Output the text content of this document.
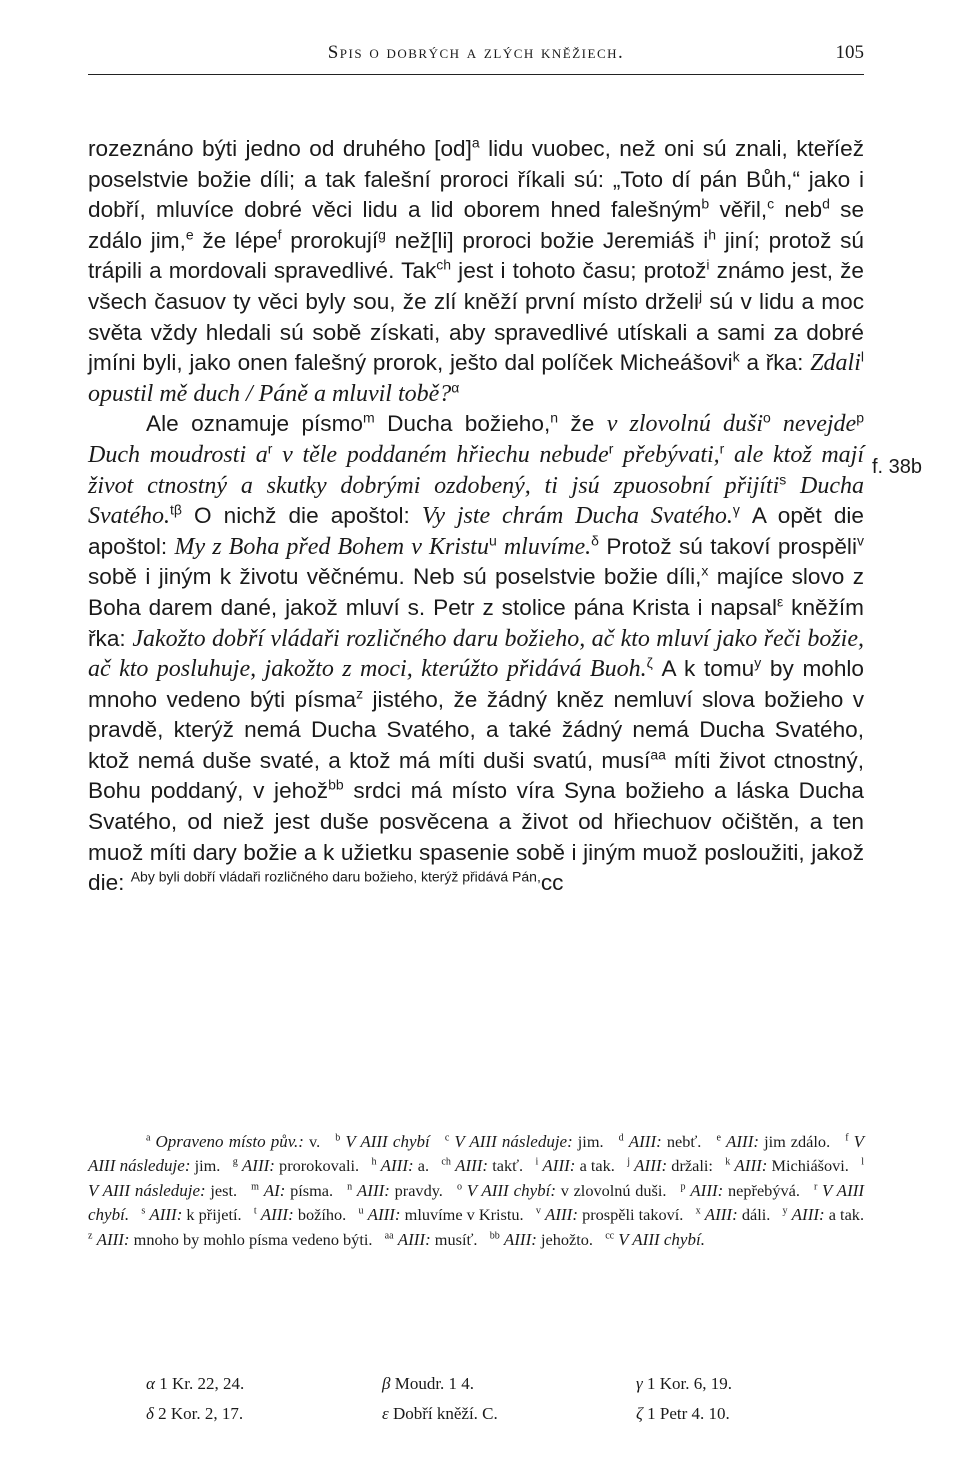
Spis o dobrých a zlých kněžiech.	105

rozeznáno býti jedno od druhého [od]$^a$ lidu vuobec, než oni sú znali, kteříež poselstvie božie díli; a tak falešní proroci říkali sú: „Toto dí pán Bůh,“ jako i dobří, mluvíce dobré věci lidu a lid oborem hned falešným$^b$ věřil,$^c$ neb$^d$ se zdálo jim,$^e$ že lépe$^f$ prorokují$^g$ než[li] proroci božie Jeremiáš $i^h$ jiní; protož sú trápili a mordovali spravedlivé. Tak$^{ch}$ jest i tohoto času; protož$^i$ známo jest, že všech časuov ty věci byly sou, že zlí kněží první místo drželi$^j$ sú v lidu a moc světa vždy hledali sú sobě získati, aby spravedlivé utískali a sami za dobré jmíni byli, jako onen falešný prorok, ješto dal políček Micheášovi$^k$ a řka: Zdali$^l$ opustil mě duch / Páně a mluvil tobě?$^\alpha$

Ale oznamuje písmo$^m$ Ducha božieho,$^n$ že v zlovolnú duši$^o$ nevejde$^p$ Duch moudrosti $a^r$ v těle poddaném hřiechu nebude$^r$ přebývati,$^r$ ale ktož mají život ctnostný a skutky dobrými ozdobený, ti jsú zpuosobní přijíti$^s$ Ducha Svatého.$^{t\beta}$ O nichž die apoštol: Vy jste chrám Ducha Svatého.$^\gamma$ A opět die apoštol: My z Boha před Bohem v Kristu$^u$ mluvíme.$^\delta$ Protož sú takoví prospěli$^v$ sobě i jiným k životu věčnému. Neb sú poselstvie božie díli,$^x$ majíce slovo z Boha darem dané, jakož mluví s. Petr z stolice pána Krista i napsal$^\varepsilon$ kněžím řka: Jakožto dobří vládaři rozličného daru božieho, ač kto mluví jako řeči božie, ač kto posluhuje, jakožto z moci, kterúžto přidává Buoh.$^\zeta$ A k tomu$^y$ by mohlo mnoho vedeno býti písma$^z$ jistého, že žádný kněz nemluví slova božieho v pravdě, kterýž nemá Ducha Svatého, a také žádný nemá Ducha Svatého, ktož nemá duše svaté, a ktož má míti duši svatú, musí$^{aa}$ míti život ctnostný, Bohu poddaný, v jehož$^{bb}$ srdci má místo víra Syna božieho a láska Ducha Svatého, od niež jest duše posvěcena a život od hřiechuov očištěn, a ten muož míti dary božie a k užietku spasenie sobě i jiným muož posloužiti, jakož die: $^{Aby byli dobří vládaři rozličného daru božieho, kterýž přidává Pán,}$cc

f. 38b
α 1 Kr. 22, 24.	β Moudr. 1 4.	γ 1 Kor. 6, 19.
δ 2 Kor. 2, 17.	ε Dobří kněží. C.	ζ 1 Petr 4. 10.

$^a$ Opraveno místo pův.: v.   $^b$ V AIII chybí $^c$ V AIII následuje: jim.   $^d$ AIII: nebť.   $^e$ AIII: jim zdálo.   $^f$ V AIII následuje: jim.   $^g$ AIII: prorokovali.   $^h$ AIII: a.   $^{ch}$ AIII: takť.   $^i$ AIII: a tak.   $^j$ AIII: držali:   $^k$ AIII: Michiášovi.   $^l$ V AIII následuje: jest.   $^m$ AI: písma.   $^n$ AIII: pravdy.   $^o$ V AIII chybí: v zlovolnú duši.   $^p$ AIII: nepřebývá.   $^r$ V AIII chybí. $^s$ AIII: k přijetí.   $^t$ AIII: božího.   $^u$ AIII: mluvíme v Kristu.   $^v$ AIII: prospěli takoví.   $^x$ AIII: dáli.   $^y$ AIII: a tak.   $^z$ AIII: mnoho by mohlo písma vedeno býti.   $^{aa}$ AIII: musíť.   $^{bb}$ AIII: jehožto.   $^{cc}$ V AIII chybí.
